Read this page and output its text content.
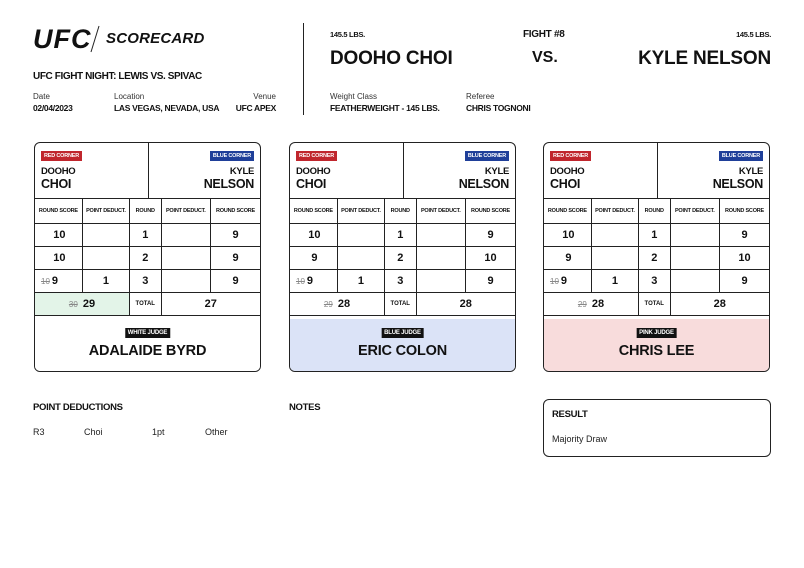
UFC SCORECARD
UFC FIGHT NIGHT: LEWIS VS. SPIVAC
Date
02/04/2023
Location
LAS VEGAS, NEVADA, USA
Venue
UFC APEX
145.5 LBS.
DOOHO CHOI
FIGHT #8
VS.
145.5 LBS.
KYLE NELSON
Weight Class
FEATHERWEIGHT - 145 LBS.
Referee
CHRIS TOGNONI
RED CORNER	BLUE CORNER
DOOHO
CHOI
KYLE
NELSON
ROUND SCORE	POINT DEDUCT.	ROUND	POINT DEDUCT.	ROUND SCORE
10		1		9
10		2		9
10 9	1	3		9
30 29		TOTAL	27	
WHITE JUDGE
ADALAIDE BYRD
RED CORNER	BLUE CORNER
DOOHO
CHOI
KYLE
NELSON
ROUND SCORE	POINT DEDUCT.	ROUND	POINT DEDUCT.	ROUND SCORE
10		1		9
9		2		10
10 9	1	3		9
29 28		TOTAL	28	
BLUE JUDGE
ERIC COLON
RED CORNER	BLUE CORNER
DOOHO
CHOI
KYLE
NELSON
ROUND SCORE	POINT DEDUCT.	ROUND	POINT DEDUCT.	ROUND SCORE
10		1		9
9		2		10
10 9	1	3		9
29 28		TOTAL	28	
PINK JUDGE
CHRIS LEE
POINT DEDUCTIONS
R3	Choi	1pt	Other
NOTES
RESULT
Majority Draw
